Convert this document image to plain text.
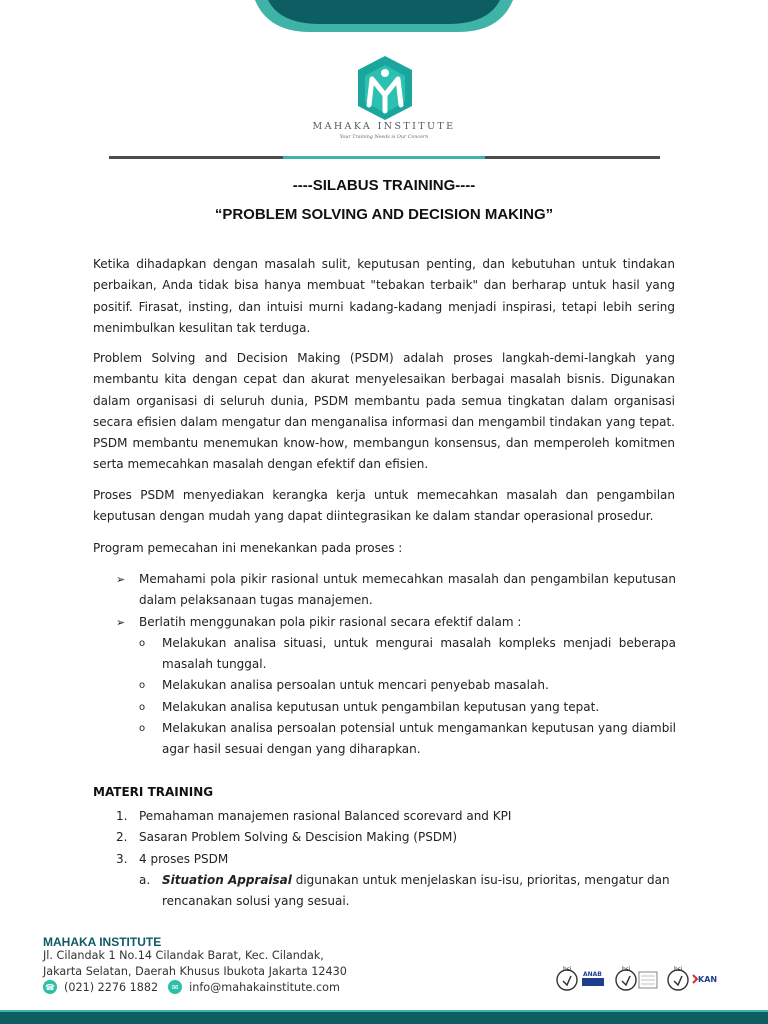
MAHAKA INSTITUTE
Your Training Needs is Our Concern
----SILABUS TRAINING----
“PROBLEM SOLVING AND DECISION MAKING”

Ketika dihadapkan dengan masalah sulit, keputusan penting, dan kebutuhan untuk tindakan perbaikan, Anda tidak bisa hanya membuat "tebakan terbaik" dan berharap untuk hasil yang positif. Firasat, insting, dan intuisi murni kadang-kadang menjadi inspirasi, tetapi lebih sering menimbulkan kesulitan tak terduga.

Problem Solving and Decision Making (PSDM) adalah proses langkah-demi-langkah yang membantu kita dengan cepat dan akurat menyelesaikan berbagai masalah bisnis. Digunakan dalam organisasi di seluruh dunia, PSDM membantu pada semua tingkatan dalam organisasi secara efisien dalam mengatur dan menganalisa informasi dan mengambil tindakan yang tepat. PSDM membantu menemukan know-how, membangun konsensus, dan memperoleh komitmen serta memecahkan masalah dengan efektif dan efisien.

Proses PSDM menyediakan kerangka kerja untuk memecahkan masalah dan pengambilan keputusan dengan mudah yang dapat diintegrasikan ke dalam standar operasional prosedur.

Program pemecahan ini menekankan pada proses :

➢ Memahami pola pikir rasional untuk memecahkan masalah dan pengambilan keputusan dalam pelaksanaan tugas manajemen.
➢ Berlatih menggunakan pola pikir rasional secara efektif dalam :
o Melakukan analisa situasi, untuk mengurai masalah kompleks menjadi beberapa masalah tunggal.
o Melakukan analisa persoalan untuk mencari penyebab masalah.
o Melakukan analisa keputusan untuk pengambilan keputusan yang tepat.
o Melakukan analisa persoalan potensial untuk mengamankan keputusan yang diambil agar hasil sesuai dengan yang diharapkan.
MATERI TRAINING
1. Pemahaman manajemen rasional Balanced scorevard and KPI
2. Sasaran Problem Solving & Descision Making (PSDM)
3. 4 proses PSDM
a. Situation Appraisal digunakan untuk menjelaskan isu-isu, prioritas, mengatur dan rencanakan solusi yang sesuai.
MAHAKA INSTITUTE
Jl. Cilandak 1 No.14 Cilandak Barat, Kec. Cilandak,
Jakarta Selatan, Daerah Khusus Ibukota Jakarta 12430
☎ (021) 2276 1882	✉ info@mahakainstitute.com
bsi
ANAB
bsi	bsi
KAN
